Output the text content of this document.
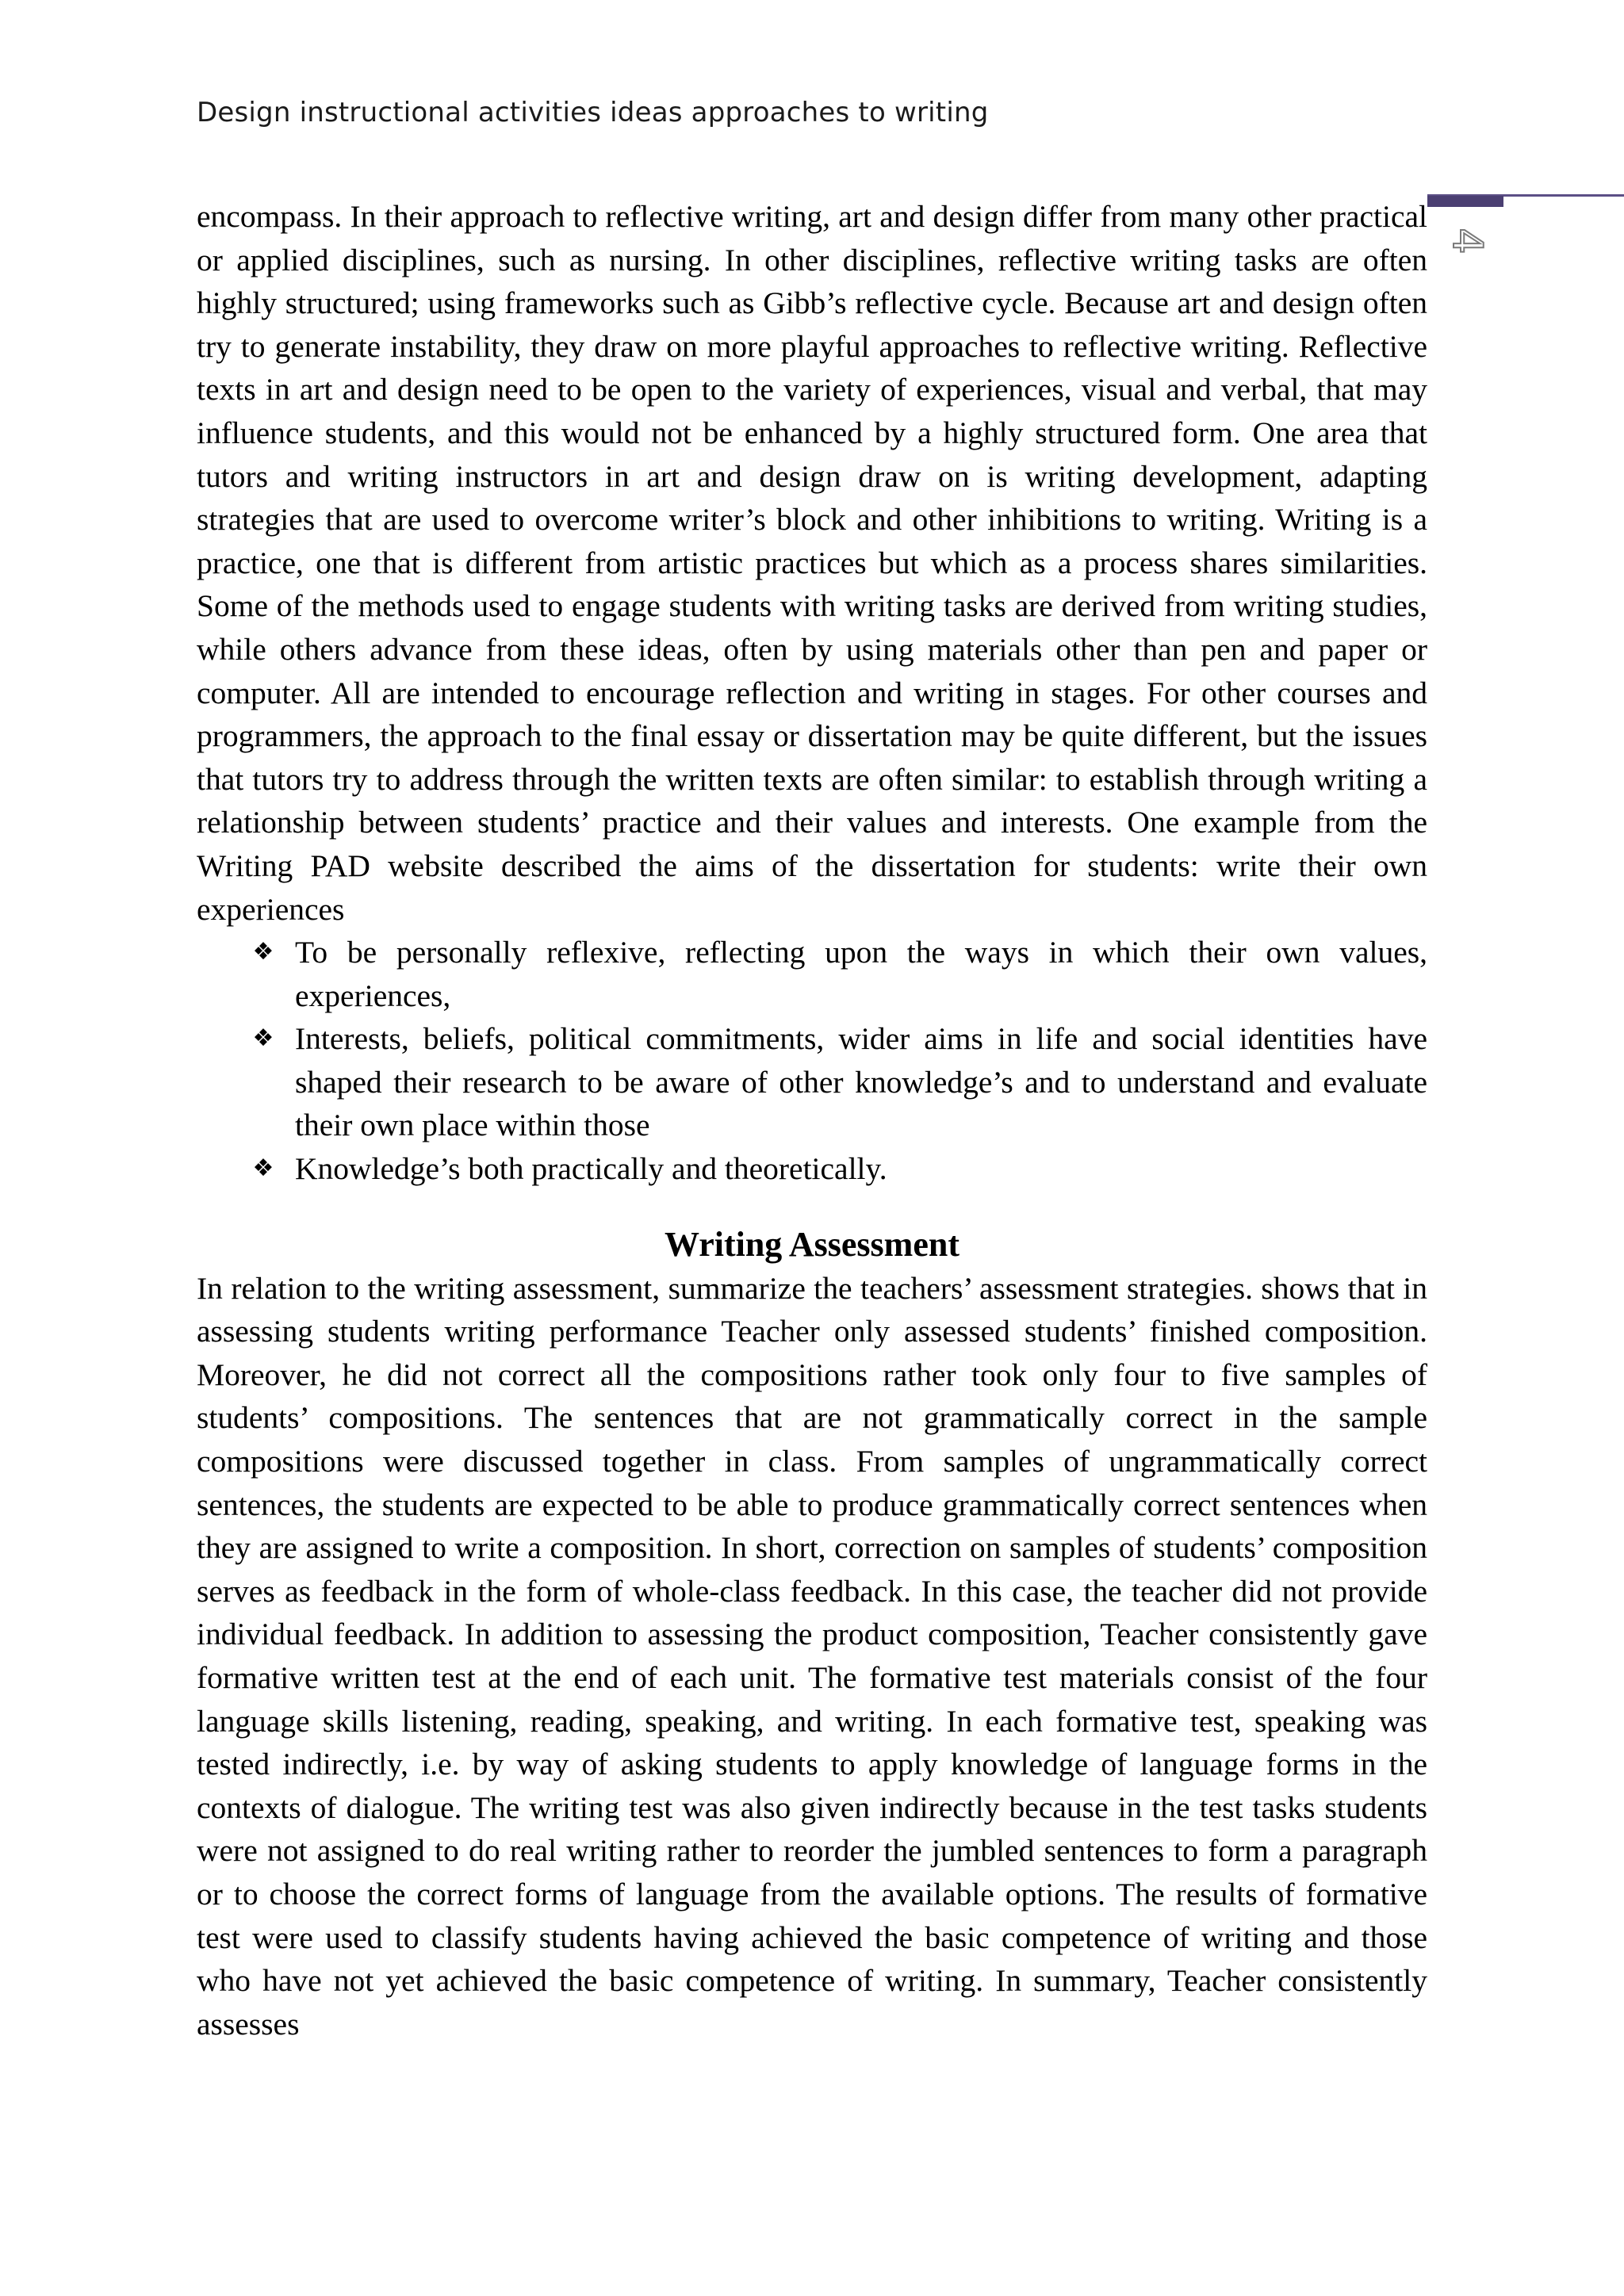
Design instructional activities ideas approaches to writing
4

encompass. In their approach to reflective writing, art and design differ from many other practical or applied disciplines, such as nursing. In other disciplines, reflective writing tasks are often highly structured; using frameworks such as Gibb’s reflective cycle. Because art and design often try to generate instability, they draw on more playful approaches to reflective writing. Reflective texts in art and design need to be open to the variety of experiences, visual and verbal, that may influence students, and this would not be enhanced by a highly structured form. One area that tutors and writing instructors in art and design draw on is writing development, adapting strategies that are used to overcome writer’s block and other inhibitions to writing. Writing is a practice, one that is different from artistic practices but which as a process shares similarities. Some of the methods used to engage students with writing tasks are derived from writing studies, while others advance from these ideas, often by using materials other than pen and paper or computer. All are intended to encourage reflection and writing in stages. For other courses and programmers, the approach to the final essay or dissertation may be quite different, but the issues that tutors try to address through the written texts are often similar: to establish through writing a relationship between students’ practice and their values and interests. One example from the Writing PAD website described the aims of the dissertation for students: write their own experiences

❖ To be personally reflexive, reflecting upon the ways in which their own values, experiences,
❖ Interests, beliefs, political commitments, wider aims in life and social identities have shaped their research to be aware of other knowledge’s and to understand and evaluate their own place within those
❖ Knowledge’s both practically and theoretically.
Writing Assessment

In relation to the writing assessment, summarize the teachers’ assessment strategies. shows that in assessing students writing performance Teacher only assessed students’ finished composition. Moreover, he did not correct all the compositions rather took only four to five samples of students’ compositions. The sentences that are not grammatically correct in the sample compositions were discussed together in class. From samples of ungrammatically correct sentences, the students are expected to be able to produce grammatically correct sentences when they are assigned to write a composition. In short, correction on samples of students’ composition serves as feedback in the form of whole-class feedback. In this case, the teacher did not provide individual feedback. In addition to assessing the product composition, Teacher consistently gave formative written test at the end of each unit. The formative test materials consist of the four language skills listening, reading, speaking, and writing. In each formative test, speaking was tested indirectly, i.e. by way of asking students to apply knowledge of language forms in the contexts of dialogue. The writing test was also given indirectly because in the test tasks students were not assigned to do real writing rather to reorder the jumbled sentences to form a paragraph or to choose the correct forms of language from the available options. The results of formative test were used to classify students having achieved the basic competence of writing and those who have not yet achieved the basic competence of writing. In summary, Teacher consistently assesses
